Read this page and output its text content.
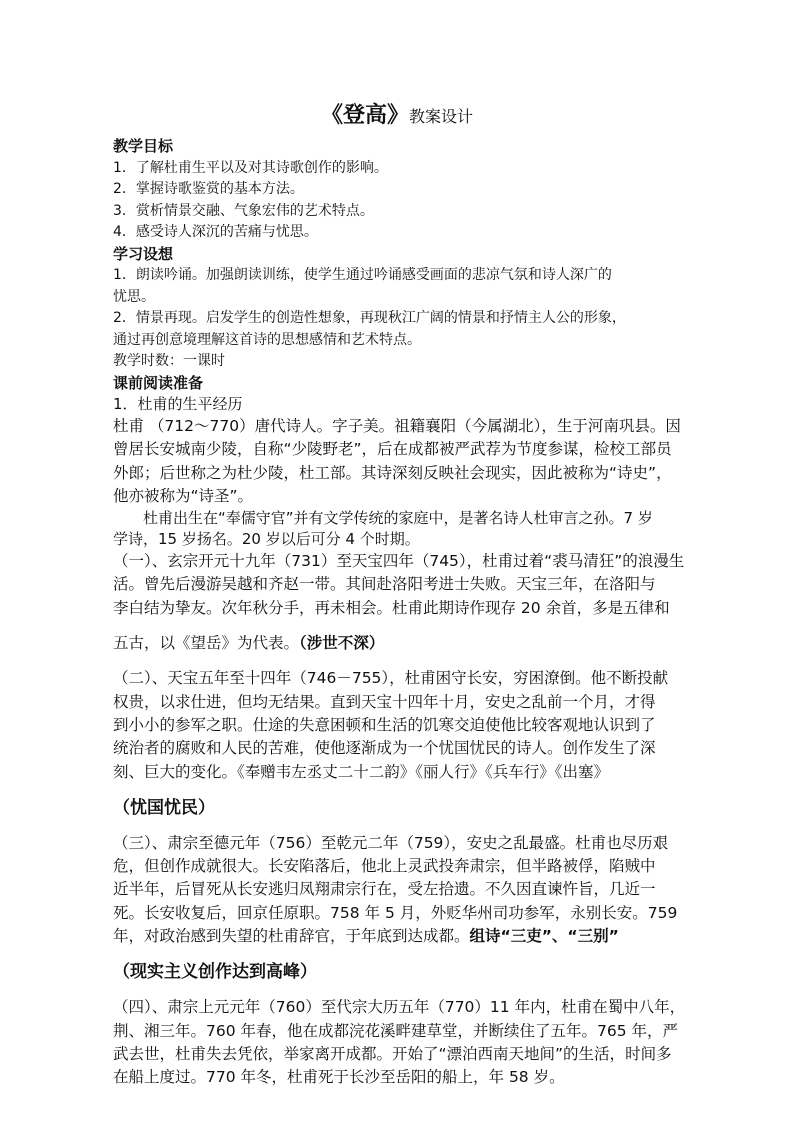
《登高》教案设计
教学目标
1．了解杜甫生平以及对其诗歌创作的影响。
2．掌握诗歌鉴赏的基本方法。
3．赏析情景交融、气象宏伟的艺术特点。
4．感受诗人深沉的苦痛与忧思。
学习设想
1．朗读吟诵。加强朗读训练，使学生通过吟诵感受画面的悲凉气氛和诗人深广的
忧思。
2．情景再现。启发学生的创造性想象，再现秋江广阔的情景和抒情主人公的形象，
通过再创意境理解这首诗的思想感情和艺术特点。
教学时数：一课时
课前阅读准备
1．杜甫的生平经历
杜甫 （712～770）唐代诗人。字子美。祖籍襄阳（今属湖北），生于河南巩县。因
曾居长安城南少陵，自称“少陵野老”，后在成都被严武荐为节度参谋，检校工部员
外郎；后世称之为杜少陵，杜工部。其诗深刻反映社会现实，因此被称为“诗史”，
他亦被称为“诗圣”。
杜甫出生在“奉儒守官”并有文学传统的家庭中，是著名诗人杜审言之孙。7 岁
学诗，15 岁扬名。20 岁以后可分 4 个时期。
（一）、玄宗开元十九年（731）至天宝四年（745），杜甫过着“裘马清狂”的浪漫生
活。曾先后漫游吴越和齐赵一带。其间赴洛阳考进士失败。天宝三年，在洛阳与
李白结为挚友。次年秋分手，再未相会。杜甫此期诗作现存 20 余首，多是五律和
五古，以《望岳》为代表。（涉世不深）
（二）、天宝五年至十四年（746－755），杜甫困守长安，穷困潦倒。他不断投献
权贵，以求仕进，但均无结果。直到天宝十四年十月，安史之乱前一个月，才得
到小小的参军之职。仕途的失意困顿和生活的饥寒交迫使他比较客观地认识到了
统治者的腐败和人民的苦难，使他逐渐成为一个忧国忧民的诗人。创作发生了深
刻、巨大的变化。《奉赠韦左丞丈二十二韵》《丽人行》《兵车行》《出塞》
（忧国忧民）
（三）、肃宗至德元年（756）至乾元二年（759），安史之乱最盛。杜甫也尽历艰
危，但创作成就很大。长安陷落后，他北上灵武投奔肃宗，但半路被俘，陷贼中
近半年，后冒死从长安逃归凤翔肃宗行在，受左拾遗。不久因直谏忤旨，几近一
死。长安收复后，回京任原职。758 年 5 月，外贬华州司功参军，永别长安。759
年，对政治感到失望的杜甫辞官，于年底到达成都。组诗“三吏”、“三别”
（现实主义创作达到高峰）
（四）、肃宗上元元年（760）至代宗大历五年（770）11 年内，杜甫在蜀中八年，
荆、湘三年。760 年春，他在成都浣花溪畔建草堂，并断续住了五年。765 年，严
武去世，杜甫失去凭依，举家离开成都。开始了“漂泊西南天地间”的生活，时间多
在船上度过。770 年冬，杜甫死于长沙至岳阳的船上，年 58 岁。
